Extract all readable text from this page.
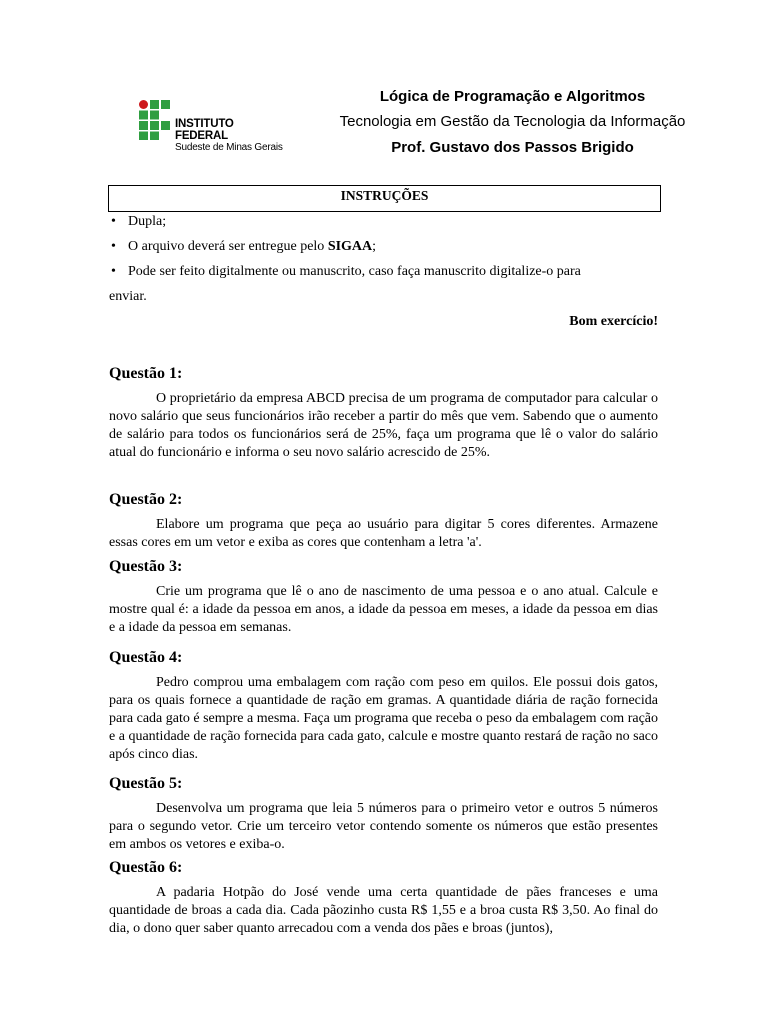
INSTITUTO FEDERAL
Sudeste de Minas Gerais
Lógica de Programação e Algoritmos
Tecnologia em Gestão da Tecnologia da Informação
Prof. Gustavo dos Passos Brigido
INSTRUÇÕES
• Dupla;
• O arquivo deverá ser entregue pelo SIGAA;
• Pode ser feito digitalmente ou manuscrito, caso faça manuscrito digitalize-o para
enviar.
Bom exercício!
Questão 1:

O proprietário da empresa ABCD precisa de um programa de computador para calcular o novo salário que seus funcionários irão receber a partir do mês que vem. Sabendo que o aumento de salário para todos os funcionários será de 25%, faça um programa que lê o valor do salário atual do funcionário e informa o seu novo salário acrescido de 25%.

Questão 2:

Elabore um programa que peça ao usuário para digitar 5 cores diferentes. Armazene essas cores em um vetor e exiba as cores que contenham a letra 'a'.

Questão 3:

Crie um programa que lê o ano de nascimento de uma pessoa e o ano atual. Calcule e mostre qual é: a idade da pessoa em anos, a idade da pessoa em meses, a idade da pessoa em dias e a idade da pessoa em semanas.

Questão 4:

Pedro comprou uma embalagem com ração com peso em quilos. Ele possui dois gatos, para os quais fornece a quantidade de ração em gramas. A quantidade diária de ração fornecida para cada gato é sempre a mesma. Faça um programa que receba o peso da embalagem com ração e a quantidade de ração fornecida para cada gato, calcule e mostre quanto restará de ração no saco após cinco dias.

Questão 5:

Desenvolva um programa que leia 5 números para o primeiro vetor e outros 5 números para o segundo vetor. Crie um terceiro vetor contendo somente os números que estão presentes em ambos os vetores e exiba-o.

Questão 6:

A padaria Hotpão do José vende uma certa quantidade de pães franceses e uma quantidade de broas a cada dia. Cada pãozinho custa R$ 1,55 e a broa custa R$ 3,50. Ao final do dia, o dono quer saber quanto arrecadou com a venda dos pães e broas (juntos),
